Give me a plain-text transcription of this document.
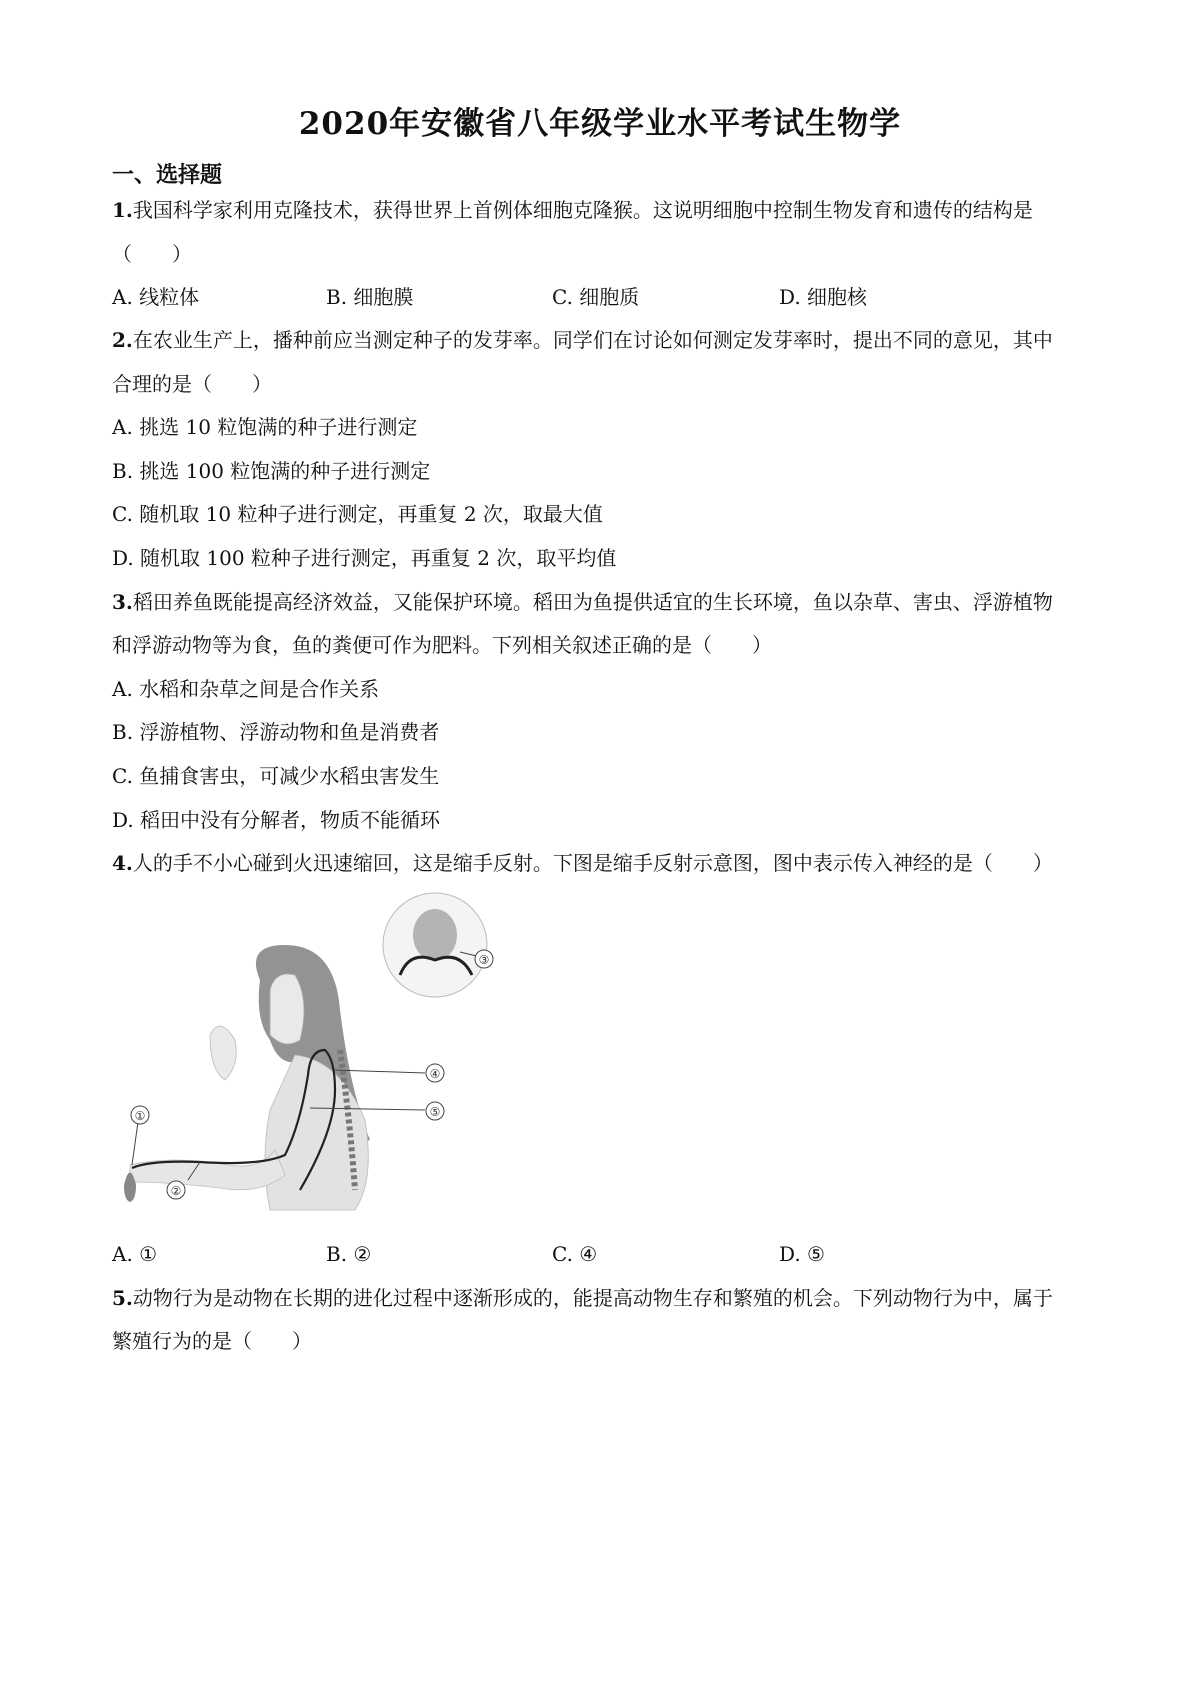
2020年安徽省八年级学业水平考试生物学
一、选择题
1.我国科学家利用克隆技术，获得世界上首例体细胞克隆猴。这说明细胞中控制生物发育和遗传的结构是
（　　）
A. 线粒体	B. 细胞膜	C. 细胞质	D. 细胞核
2.在农业生产上，播种前应当测定种子的发芽率。同学们在讨论如何测定发芽率时，提出不同的意见，其中
合理的是（　　）
A. 挑选 10 粒饱满的种子进行测定
B. 挑选 100 粒饱满的种子进行测定
C. 随机取 10 粒种子进行测定，再重复 2 次，取最大值
D. 随机取 100 粒种子进行测定，再重复 2 次，取平均值
3.稻田养鱼既能提高经济效益，又能保护环境。稻田为鱼提供适宜的生长环境，鱼以杂草、害虫、浮游植物
和浮游动物等为食，鱼的粪便可作为肥料。下列相关叙述正确的是（　　）
A. 水稻和杂草之间是合作关系
B. 浮游植物、浮游动物和鱼是消费者
C. 鱼捕食害虫，可减少水稻虫害发生
D. 稻田中没有分解者，物质不能循环
4.人的手不小心碰到火迅速缩回，这是缩手反射。下图是缩手反射示意图，图中表示传入神经的是（　　）
①
②
③
④
⑤
A. ①	B. ②	C. ④	D. ⑤
5.动物行为是动物在长期的进化过程中逐渐形成的，能提高动物生存和繁殖的机会。下列动物行为中，属于
繁殖行为的是（　　）
